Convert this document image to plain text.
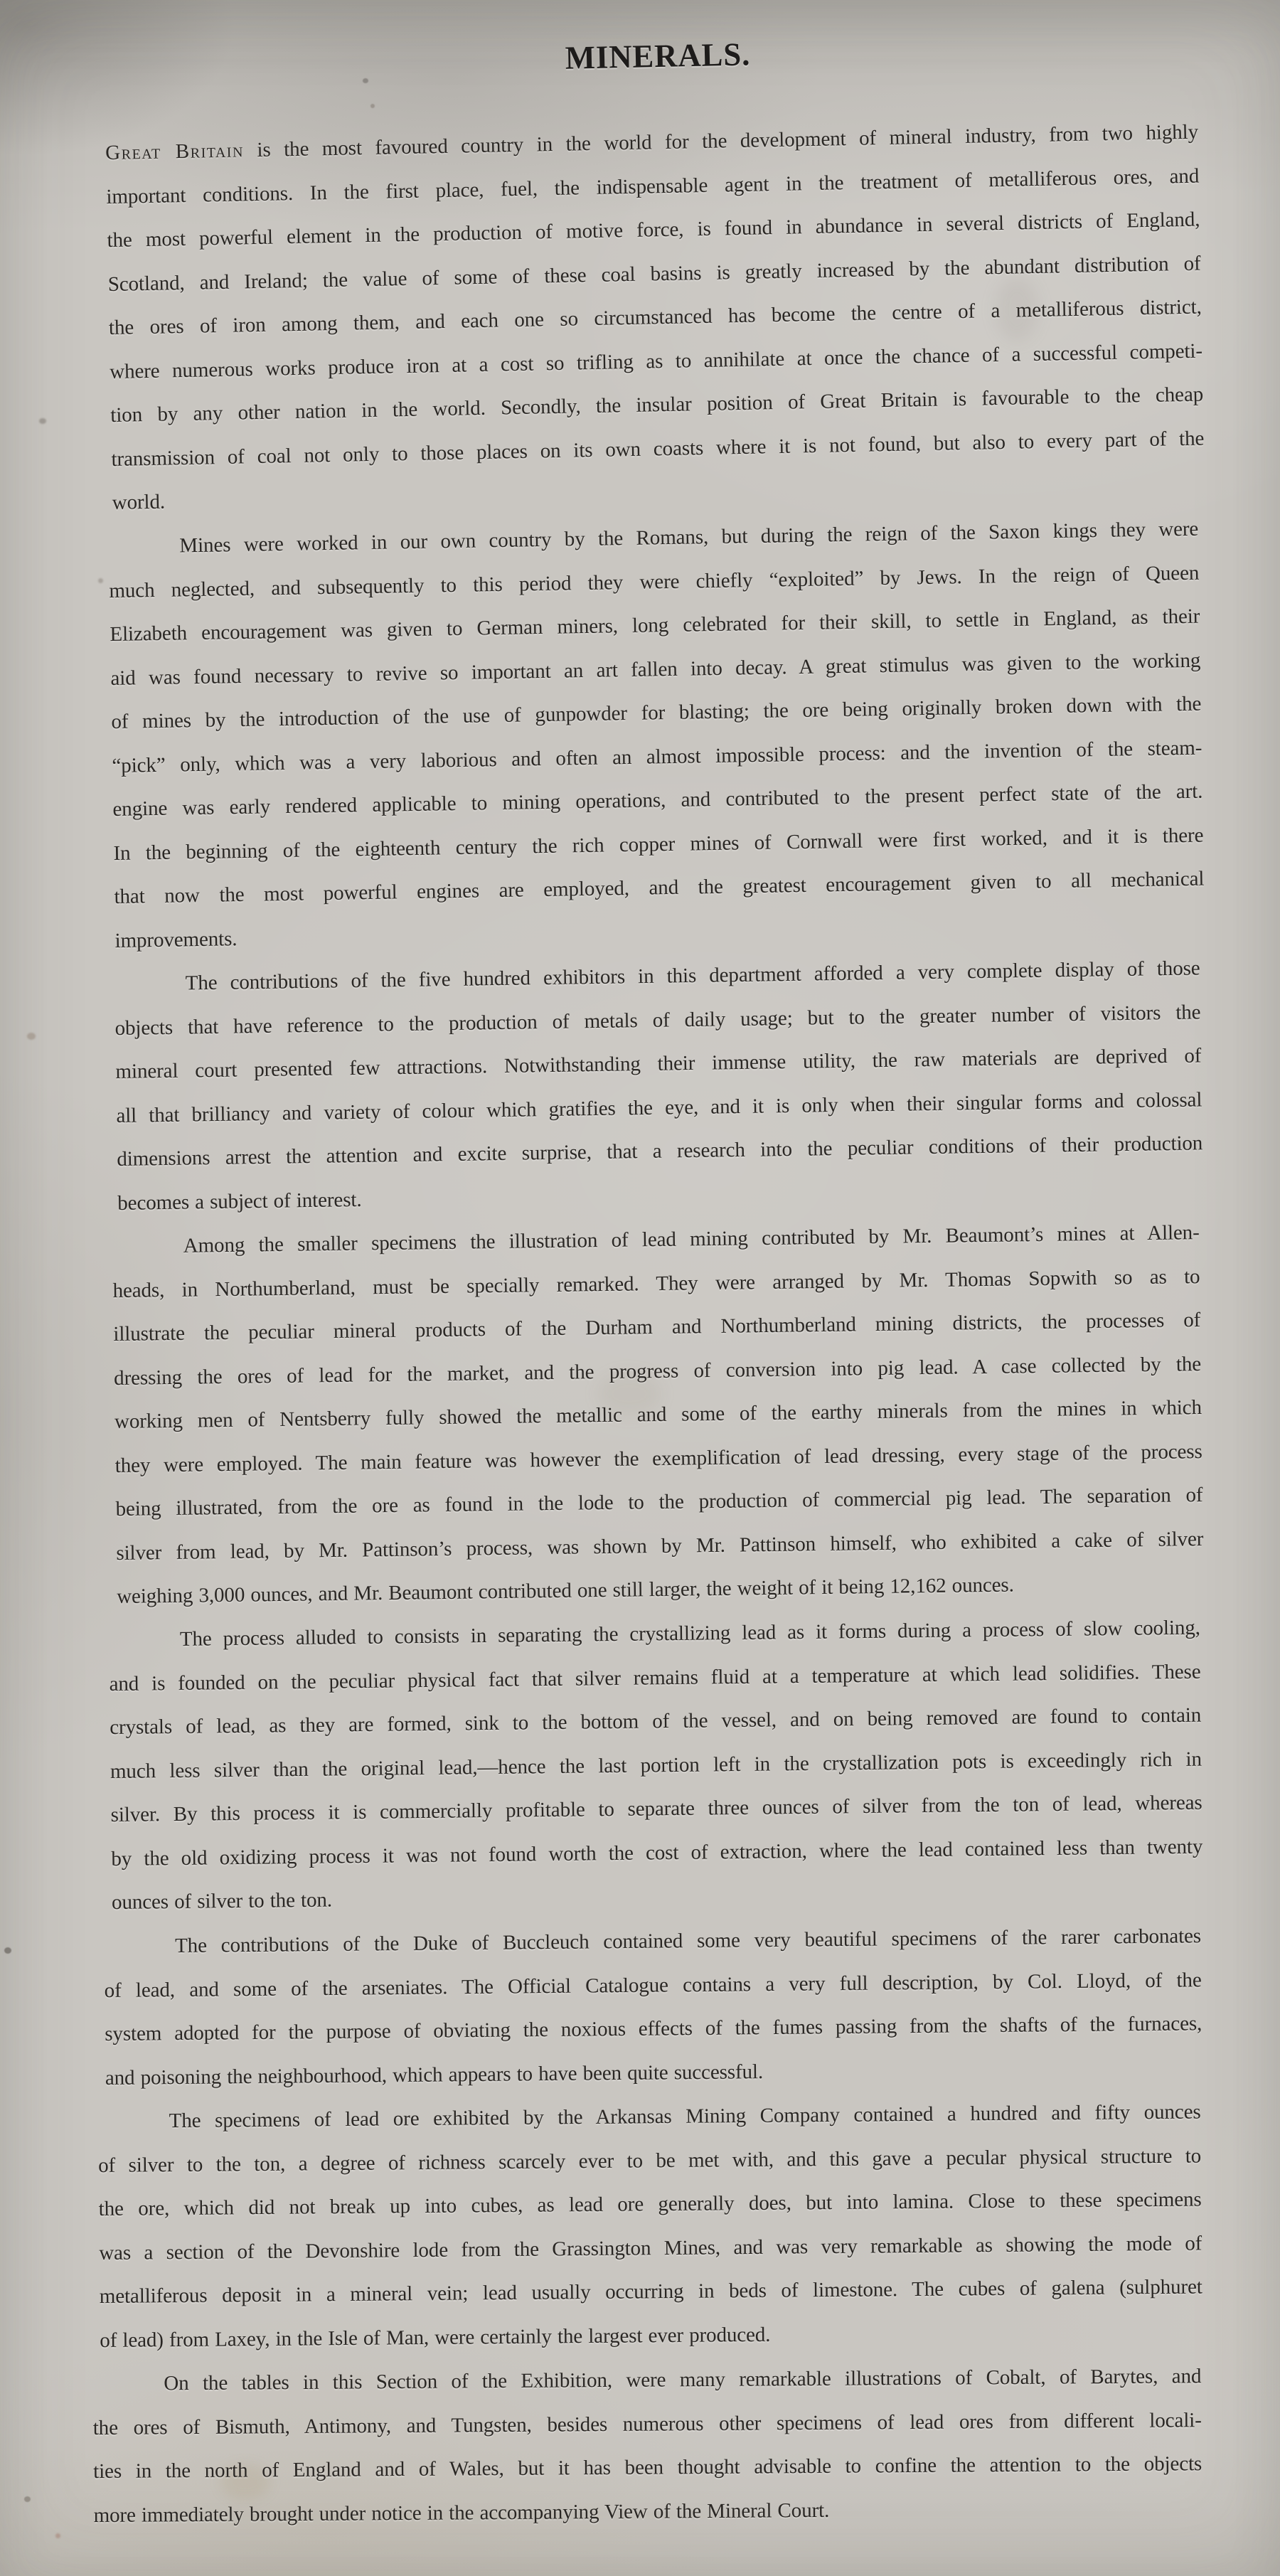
MINERALS.
Great Britain is the most favoured country in the world for the development of mineral industry, from two highly
important conditions. In the first place, fuel, the indispensable agent in the treatment of metalliferous ores, and
the most powerful element in the production of motive force, is found in abundance in several districts of England,
Scotland, and Ireland; the value of some of these coal basins is greatly increased by the abundant distribution of
the ores of iron among them, and each one so circumstanced has become the centre of a metalliferous district,
where numerous works produce iron at a cost so trifling as to annihilate at once the chance of a successful competi-
tion by any other nation in the world. Secondly, the insular position of Great Britain is favourable to the cheap
transmission of coal not only to those places on its own coasts where it is not found, but also to every part of the
world.
Mines were worked in our own country by the Romans, but during the reign of the Saxon kings they were
much neglected, and subsequently to this period they were chiefly “exploited” by Jews. In the reign of Queen
Elizabeth encouragement was given to German miners, long celebrated for their skill, to settle in England, as their
aid was found necessary to revive so important an art fallen into decay. A great stimulus was given to the working
of mines by the introduction of the use of gunpowder for blasting; the ore being originally broken down with the
“pick” only, which was a very laborious and often an almost impossible process: and the invention of the steam-
engine was early rendered applicable to mining operations, and contributed to the present perfect state of the art.
In the beginning of the eighteenth century the rich copper mines of Cornwall were first worked, and it is there
that now the most powerful engines are employed, and the greatest encouragement given to all mechanical
improvements.
The contributions of the five hundred exhibitors in this department afforded a very complete display of those
objects that have reference to the production of metals of daily usage; but to the greater number of visitors the
mineral court presented few attractions. Notwithstanding their immense utility, the raw materials are deprived of
all that brilliancy and variety of colour which gratifies the eye, and it is only when their singular forms and colossal
dimensions arrest the attention and excite surprise, that a research into the peculiar conditions of their production
becomes a subject of interest.
Among the smaller specimens the illustration of lead mining contributed by Mr. Beaumont’s mines at Allen-
heads, in Northumberland, must be specially remarked. They were arranged by Mr. Thomas Sopwith so as to
illustrate the peculiar mineral products of the Durham and Northumberland mining districts, the processes of
dressing the ores of lead for the market, and the progress of conversion into pig lead. A case collected by the
working men of Nentsberry fully showed the metallic and some of the earthy minerals from the mines in which
they were employed. The main feature was however the exemplification of lead dressing, every stage of the process
being illustrated, from the ore as found in the lode to the production of commercial pig lead. The separation of
silver from lead, by Mr. Pattinson’s process, was shown by Mr. Pattinson himself, who exhibited a cake of silver
weighing 3,000 ounces, and Mr. Beaumont contributed one still larger, the weight of it being 12,162 ounces.
The process alluded to consists in separating the crystallizing lead as it forms during a process of slow cooling,
and is founded on the peculiar physical fact that silver remains fluid at a temperature at which lead solidifies. These
crystals of lead, as they are formed, sink to the bottom of the vessel, and on being removed are found to contain
much less silver than the original lead,—hence the last portion left in the crystallization pots is exceedingly rich in
silver. By this process it is commercially profitable to separate three ounces of silver from the ton of lead, whereas
by the old oxidizing process it was not found worth the cost of extraction, where the lead contained less than twenty
ounces of silver to the ton.
The contributions of the Duke of Buccleuch contained some very beautiful specimens of the rarer carbonates
of lead, and some of the arseniates. The Official Catalogue contains a very full description, by Col. Lloyd, of the
system adopted for the purpose of obviating the noxious effects of the fumes passing from the shafts of the furnaces,
and poisoning the neighbourhood, which appears to have been quite successful.
The specimens of lead ore exhibited by the Arkansas Mining Company contained a hundred and fifty ounces
of silver to the ton, a degree of richness scarcely ever to be met with, and this gave a pecular physical structure to
the ore, which did not break up into cubes, as lead ore generally does, but into lamina. Close to these specimens
was a section of the Devonshire lode from the Grassington Mines, and was very remarkable as showing the mode of
metalliferous deposit in a mineral vein; lead usually occurring in beds of limestone. The cubes of galena (sulphuret
of lead) from Laxey, in the Isle of Man, were certainly the largest ever produced.
On the tables in this Section of the Exhibition, were many remarkable illustrations of Cobalt, of Barytes, and
the ores of Bismuth, Antimony, and Tungsten, besides numerous other specimens of lead ores from different locali-
ties in the north of England and of Wales, but it has been thought advisable to confine the attention to the objects
more immediately brought under notice in the accompanying View of the Mineral Court.
